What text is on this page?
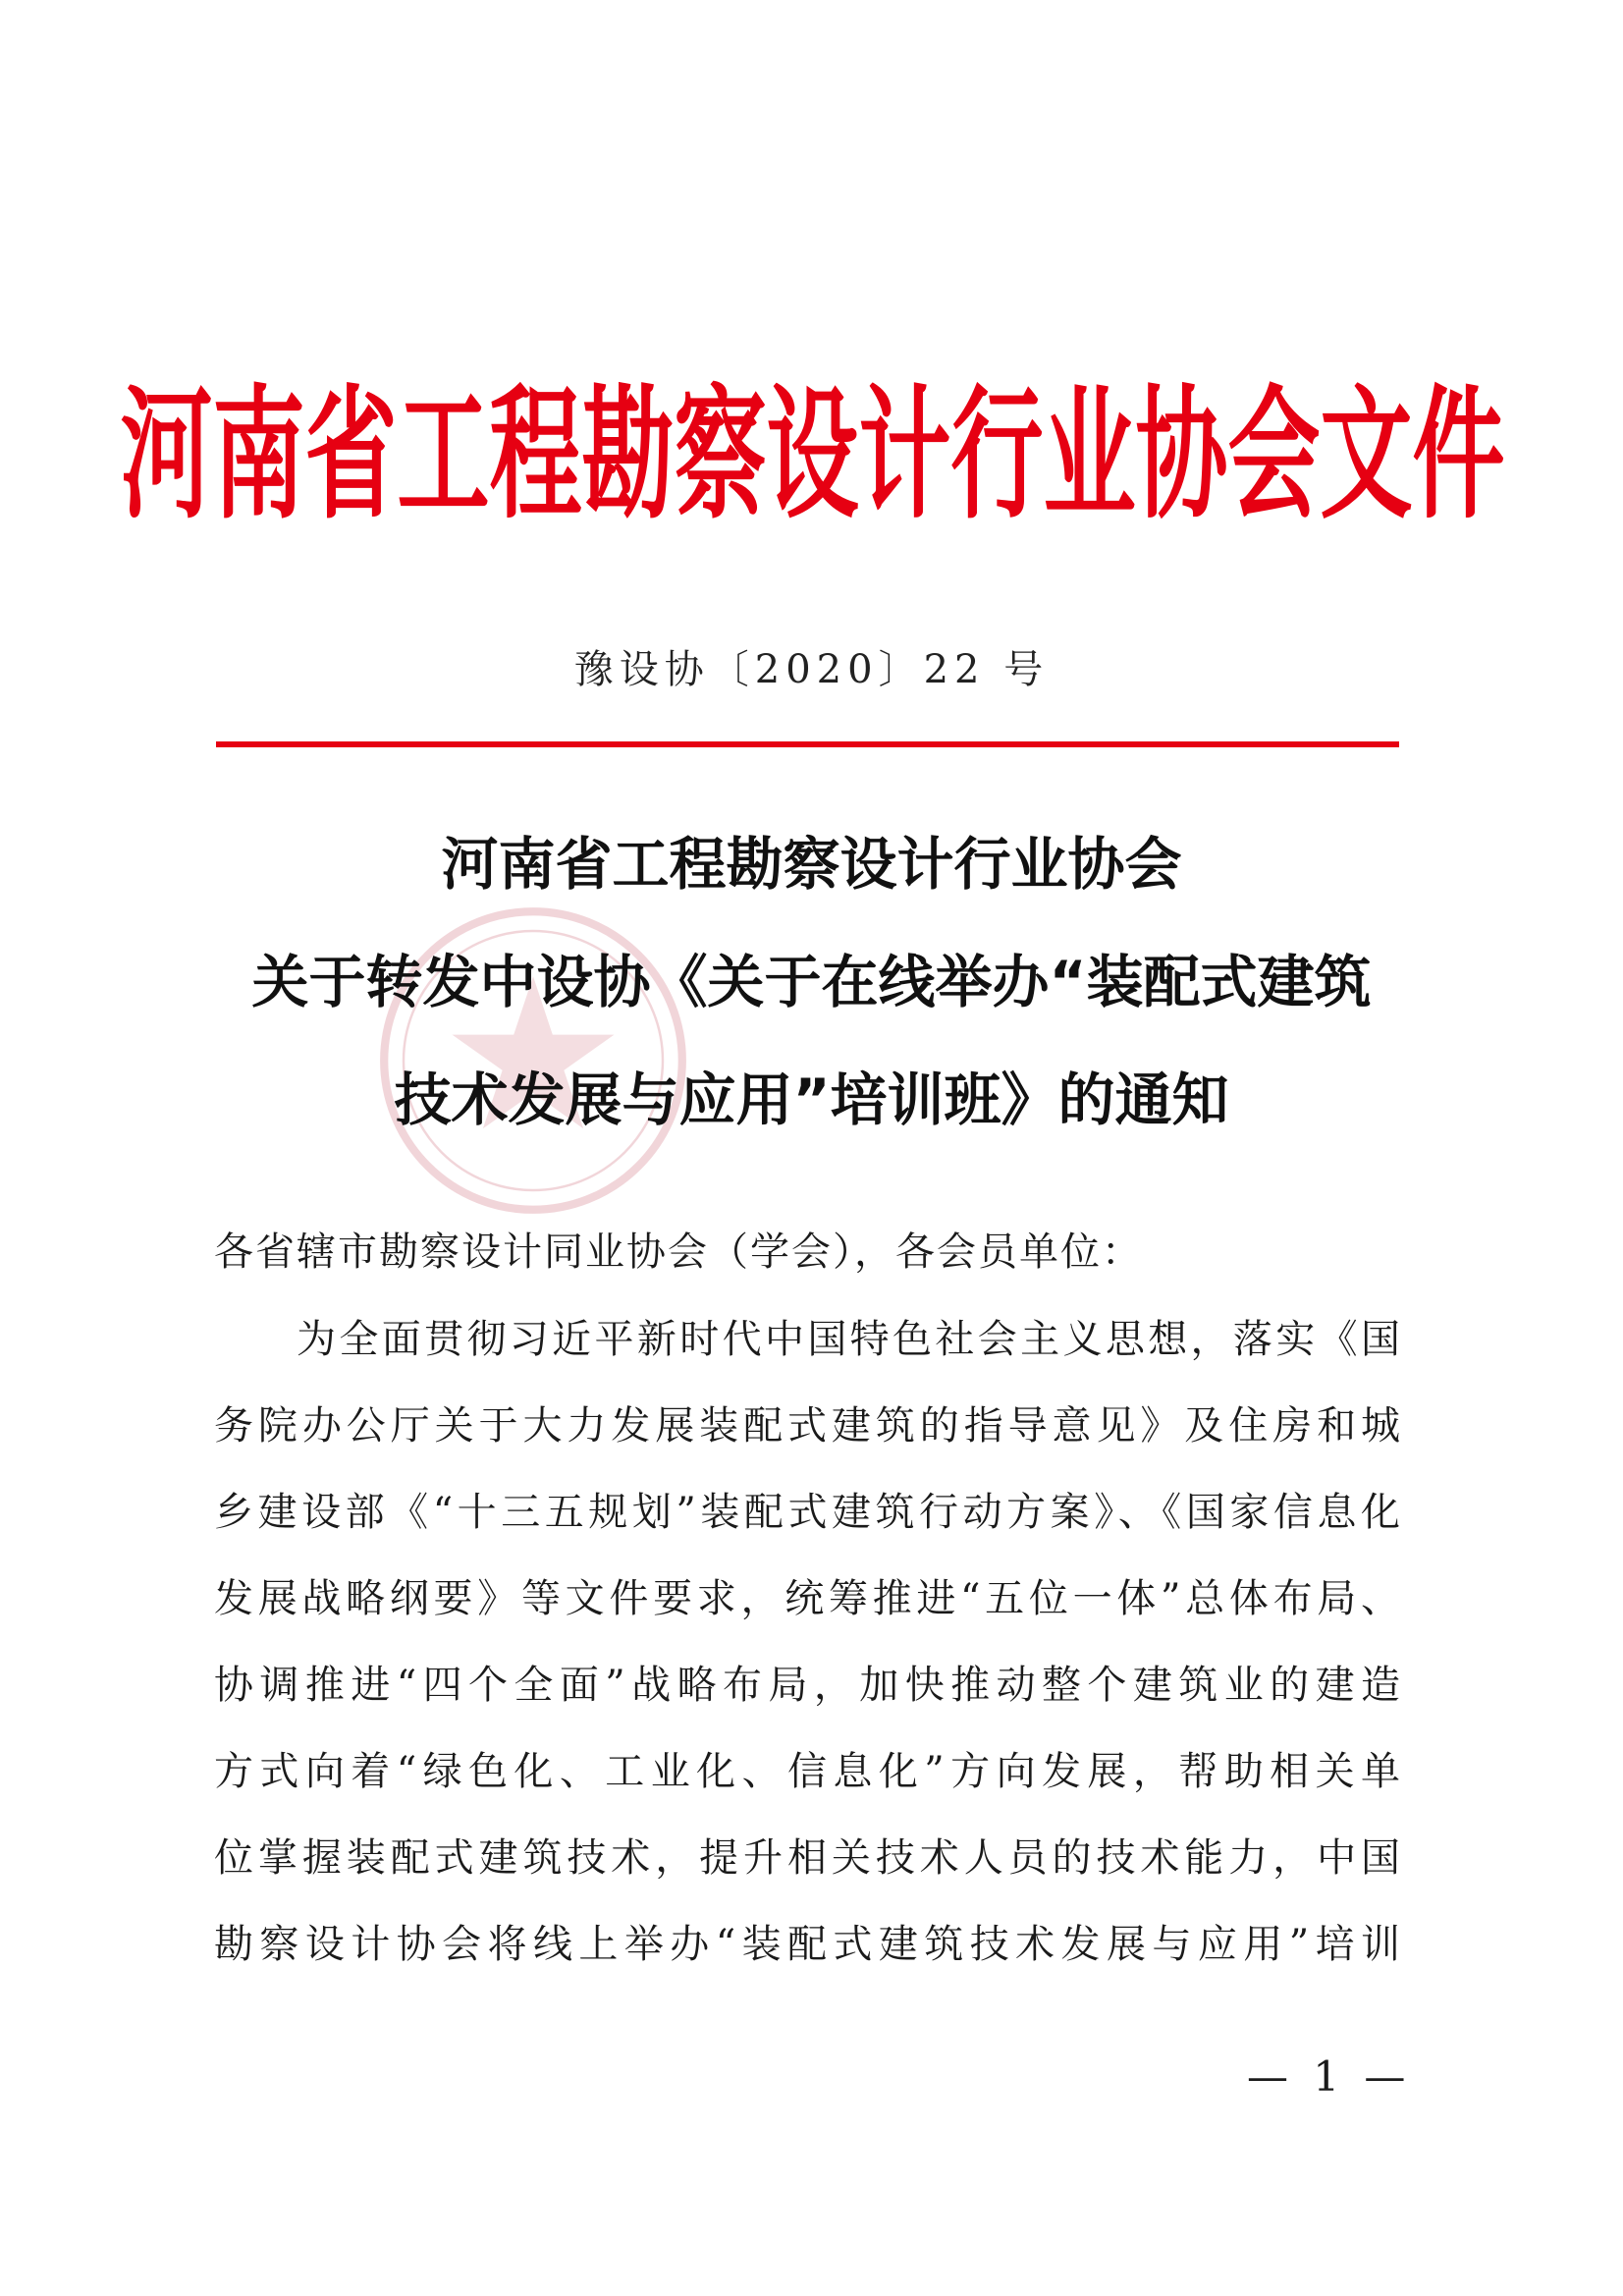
河南省工程勘察设计行业协会文件
豫设协〔2020〕22 号
河南省工程勘察设计行业协会
关于转发中设协《关于在线举办“装配式建筑
技术发展与应用”培训班》的通知
各省辖市勘察设计同业协会（学会），各会员单位：
为全面贯彻习近平新时代中国特色社会主义思想，落实《国
务院办公厅关于大力发展装配式建筑的指导意见》及住房和城
乡建设部《“十三五规划”装配式建筑行动方案》、《国家信息化
发展战略纲要》等文件要求，统筹推进“五位一体”总体布局、
协调推进“四个全面”战略布局，加快推动整个建筑业的建造
方式向着“绿色化、工业化、信息化”方向发展，帮助相关单
位掌握装配式建筑技术，提升相关技术人员的技术能力，中国
勘察设计协会将线上举办“装配式建筑技术发展与应用”培训
— 1 —
